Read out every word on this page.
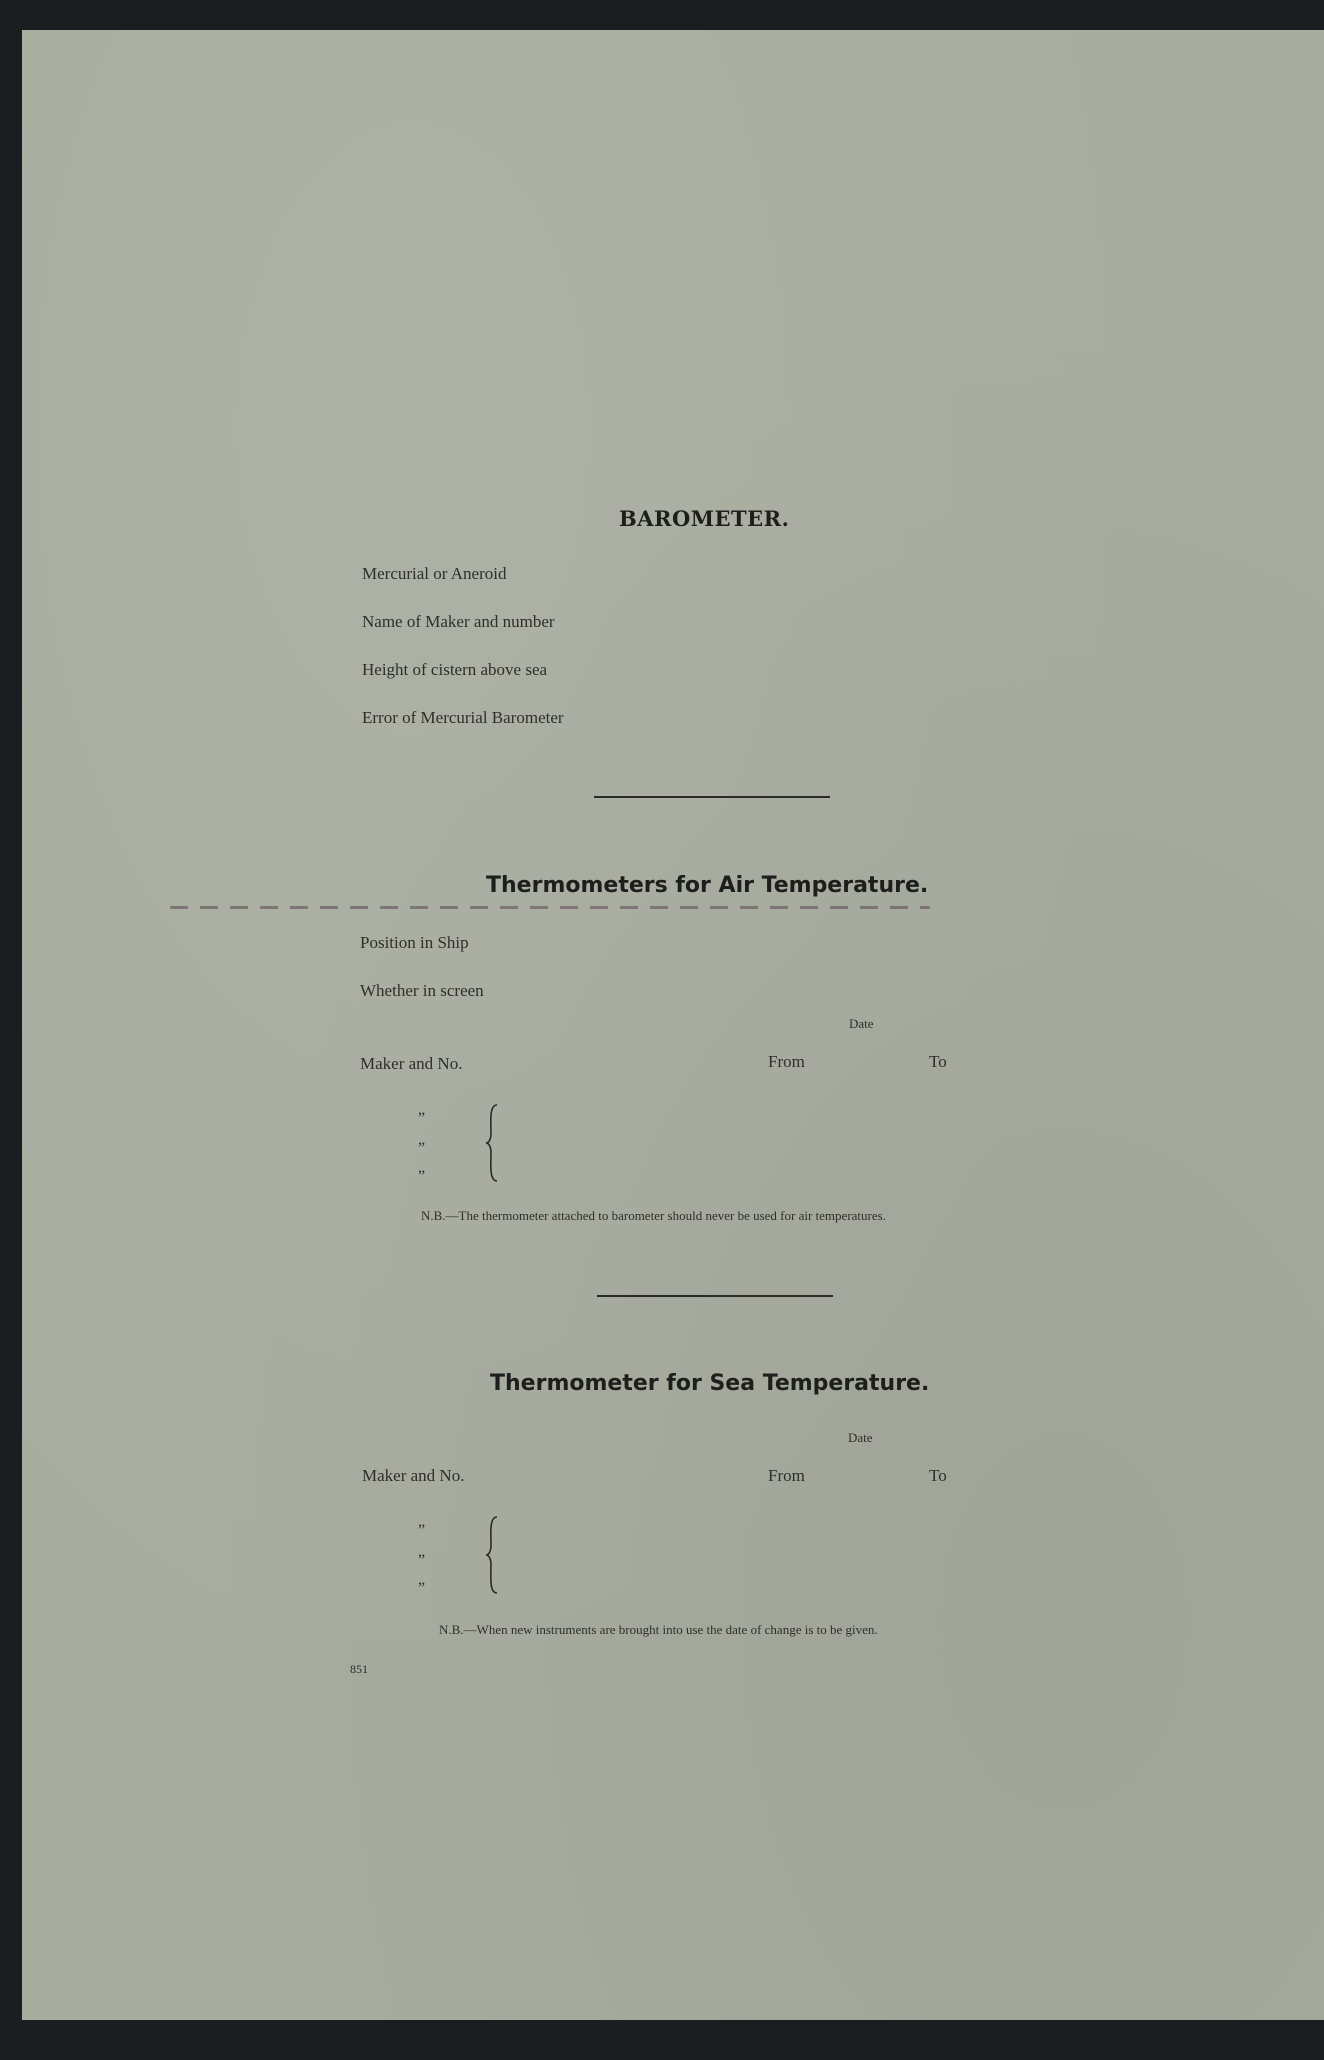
BAROMETER.
Mercurial or Aneroid
Name of Maker and number
Height of cistern above sea
Error of Mercurial Barometer
Thermometers for Air Temperature.
Position in Ship
Whether in screen
Date
Maker and No.	From	To
”
”
”
N.B.—The thermometer attached to barometer should never be used for air temperatures.
Thermometer for Sea Temperature.
Date
Maker and No.	From	To
”
”
”
N.B.—When new instruments are brought into use the date of change is to be given.
851
